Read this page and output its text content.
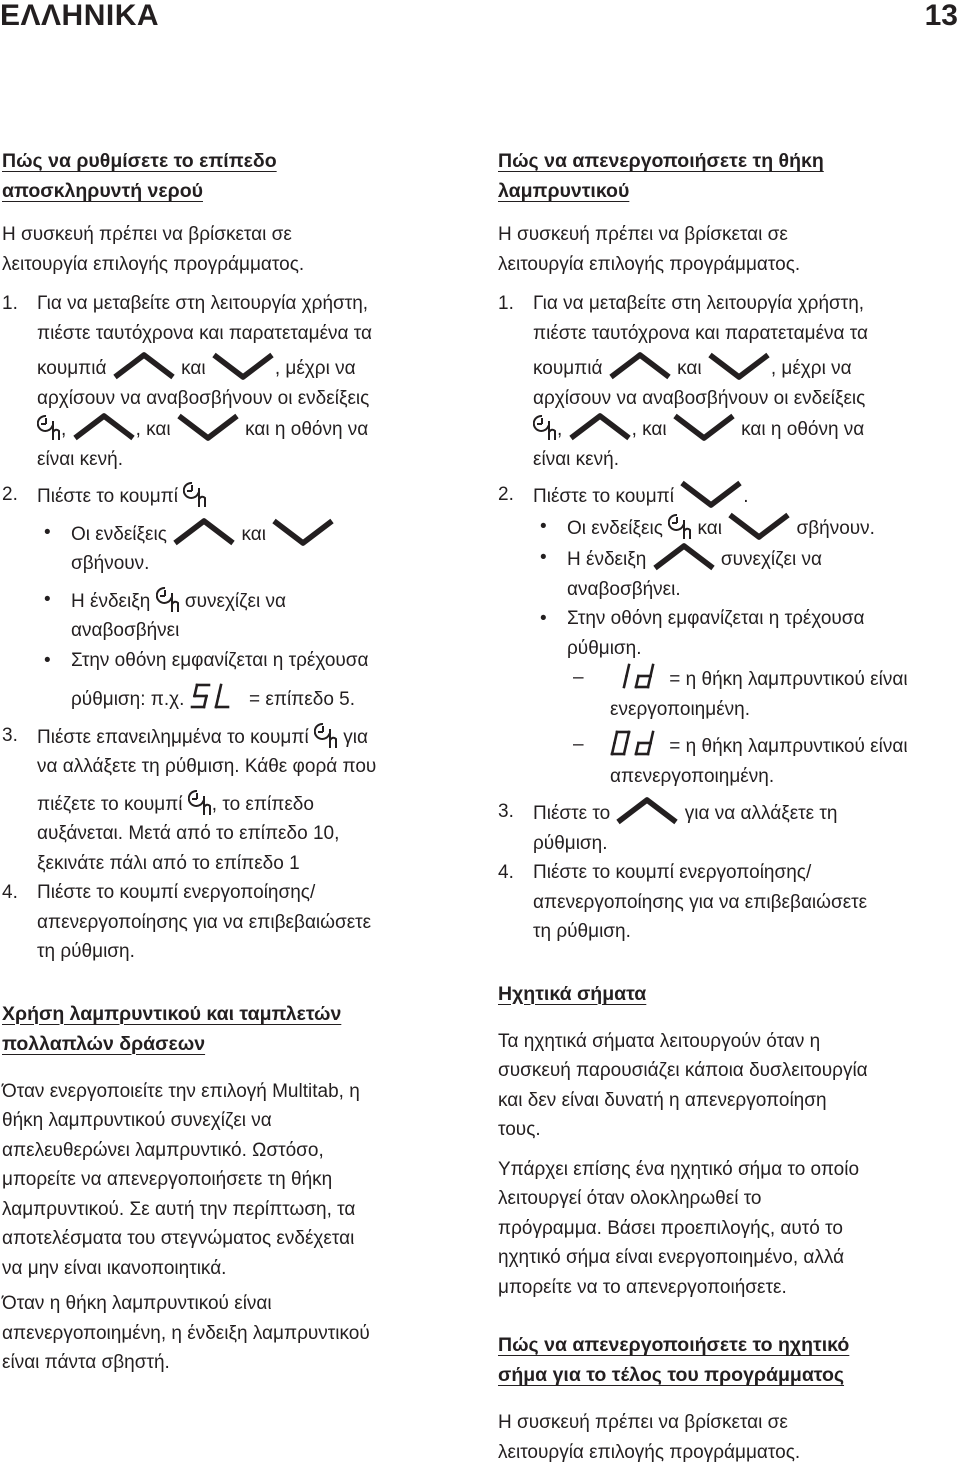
ΕΛΛΗΝΙΚΑ	13
Πώς να ρυθμίσετε το επίπεδο
αποσκληρυντή νερού

Η συσκευή πρέπει να βρίσκεται σε
λειτουργία επιλογής προγράμματος.

1. Για να μεταβείτε στη λειτουργία χρήστη,
πιέστε ταυτόχρονα και παρατεταμένα τα
κουμπιά	και	, μέχρι να
αρχίσουν να αναβοσβήνουν οι ενδείξεις

,	, και	και η οθόνη να
είναι κενή.
2. Πιέστε το κουμπί
• Οι ενδείξεις	και

σβήνουν.
• Η ένδειξη συνεχίζει να
αναβοσβήνει
• Στην οθόνη εμφανίζεται η τρέχουσα
ρύθμιση: π.χ.	= επίπεδο 5.
3. Πιέστε επανειλημμένα το κουμπί για
να αλλάξετε τη ρύθμιση. Κάθε φορά που
πιέζετε το κουμπί , το επίπεδο
αυξάνεται. Μετά από το επίπεδο 10,
ξεκινάτε πάλι από το επίπεδο 1
4. Πιέστε το κουμπί ενεργοποίησης/
απενεργοποίησης για να επιβεβαιώσετε
τη ρύθμιση.
Χρήση λαμπρυντικού και ταμπλετών
πολλαπλών δράσεων

Όταν ενεργοποιείτε την επιλογή Multitab, η
θήκη λαμπρυντικού συνεχίζει να
απελευθερώνει λαμπρυντικό. Ωστόσο,
μπορείτε να απενεργοποιήσετε τη θήκη
λαμπρυντικού. Σε αυτή την περίπτωση, τα
αποτελέσματα του στεγνώματος ενδέχεται
να μην είναι ικανοποιητικά.

Όταν η θήκη λαμπρυντικού είναι
απενεργοποιημένη, η ένδειξη λαμπρυντικού
είναι πάντα σβηστή.

Πώς να απενεργοποιήσετε τη θήκη
λαμπρυντικού

Η συσκευή πρέπει να βρίσκεται σε
λειτουργία επιλογής προγράμματος.

1. Για να μεταβείτε στη λειτουργία χρήστη,
πιέστε ταυτόχρονα και παρατεταμένα τα
κουμπιά	και	, μέχρι να
αρχίσουν να αναβοσβήνουν οι ενδείξεις

,	, και	και η οθόνη να
είναι κενή.
2. Πιέστε το κουμπί	.
• Οι ενδείξεις και	σβήνουν.
• Η ένδειξη	συνεχίζει να
αναβοσβήνει.
• Στην οθόνη εμφανίζεται η τρέχουσα
ρύθμιση.
–	= η θήκη λαμπρυντικού είναι
ενεργοποιημένη.
–	= η θήκη λαμπρυντικού είναι
απενεργοποιημένη.
3. Πιέστε το	για να αλλάξετε τη
ρύθμιση.
4. Πιέστε το κουμπί ενεργοποίησης/
απενεργοποίησης για να επιβεβαιώσετε
τη ρύθμιση.
Ηχητικά σήματα

Τα ηχητικά σήματα λειτουργούν όταν η
συσκευή παρουσιάζει κάποια δυσλειτουργία
και δεν είναι δυνατή η απενεργοποίηση
τους.

Υπάρχει επίσης ένα ηχητικό σήμα το οποίο
λειτουργεί όταν ολοκληρωθεί το
πρόγραμμα. Βάσει προεπιλογής, αυτό το
ηχητικό σήμα είναι ενεργοποιημένο, αλλά
μπορείτε να το απενεργοποιήσετε.

Πώς να απενεργοποιήσετε το ηχητικό
σήμα για το τέλος του προγράμματος

Η συσκευή πρέπει να βρίσκεται σε
λειτουργία επιλογής προγράμματος.
